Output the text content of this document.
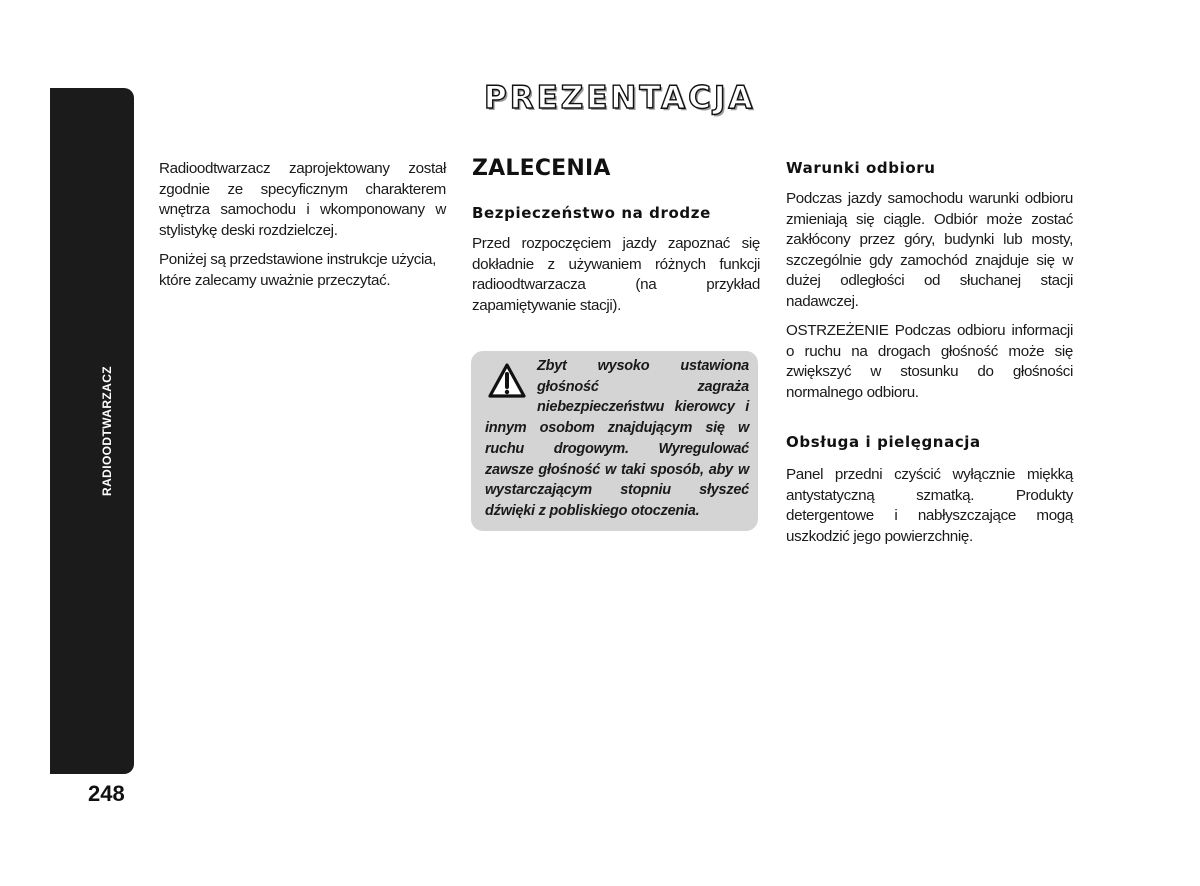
RADIOODTWARZACZ
248
PREZENTACJA

Radioodtwarzacz zaprojektowany został zgodnie ze specyficznym charakterem wnętrza samochodu i wkomponowany w stylistykę deski rozdzielczej.

Poniżej są przedstawione instrukcje użycia, które zalecamy uważnie przeczytać.

ZALECENIA
Bezpieczeństwo na drodze

Przed rozpoczęciem jazdy zapoznać się dokładnie z używaniem różnych funkcji radioodtwarzacza (na przykład zapamiętywanie stacji).

Zbyt wysoko ustawiona głośność zagraża niebezpieczeństwu kierowcy i innym osobom znajdującym się w ruchu drogowym. Wyregulować zawsze głośność w taki sposób, aby w wystarczającym stopniu słyszeć dźwięki z pobliskiego otoczenia.
Warunki odbioru

Podczas jazdy samochodu warunki odbioru zmieniają się ciągle. Odbiór może zostać zakłócony przez góry, budynki lub mosty, szczególnie gdy zamochód znajduje się w dużej odległości od słuchanej stacji nadawczej.

OSTRZEŻENIE Podczas odbioru informacji o ruchu na drogach głośność może się zwiększyć w stosunku do głośności normalnego odbioru.

Obsługa i pielęgnacja

Panel przedni czyścić wyłącznie miękką antystatyczną szmatką. Produkty detergentowe i nabłyszczające mogą uszkodzić jego powierzchnię.
